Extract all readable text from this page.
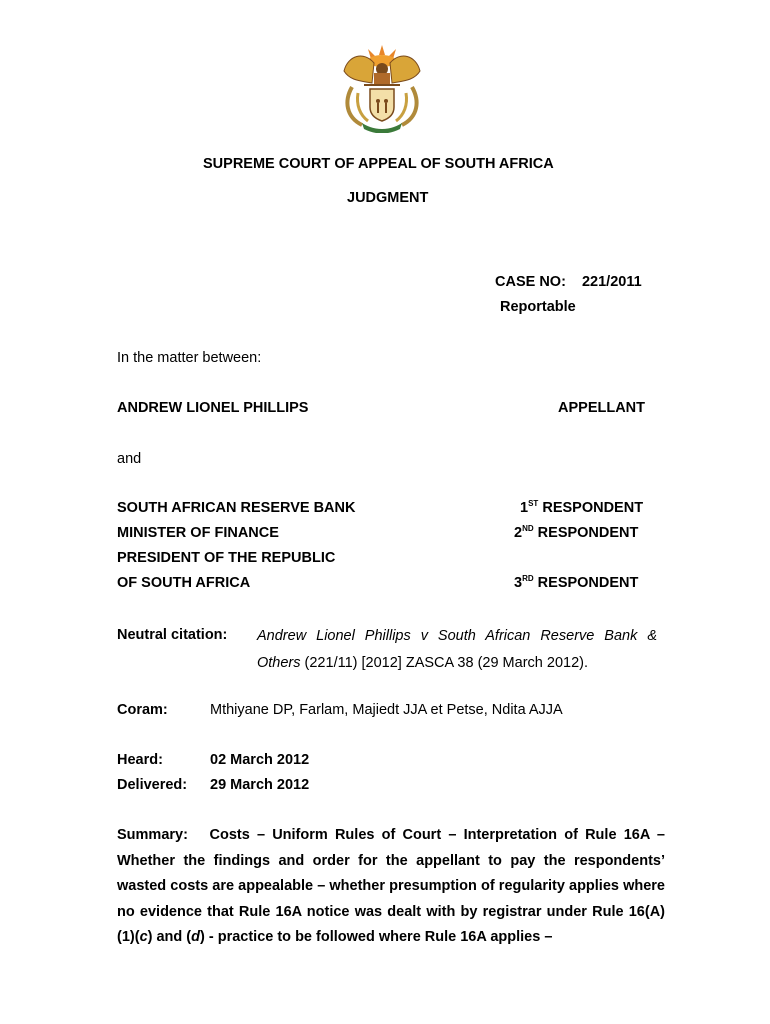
SUPREME COURT OF APPEAL OF SOUTH AFRICA
JUDGMENT
CASE NO: 221/2011
Reportable
In the matter between:
ANDREW LIONEL PHILLIPS	APPELLANT
and
SOUTH AFRICAN RESERVE BANK	1ST RESPONDENT
MINISTER OF FINANCE	2ND RESPONDENT
PRESIDENT OF THE REPUBLIC
OF SOUTH AFRICA	3RD RESPONDENT
Neutral citation: Andrew Lionel Phillips v South African Reserve Bank & Others (221/11) [2012] ZASCA 38 (29 March 2012).
Coram:	Mthiyane DP, Farlam, Majiedt JJA et Petse, Ndita AJJA
Heard:	02 March 2012
Delivered: 29 March 2012
Summary: Costs – Uniform Rules of Court – Interpretation of Rule 16A – Whether the findings and order for the appellant to pay the respondents’ wasted costs are appealable – whether presumption of regularity applies where no evidence that Rule 16A notice was dealt with by registrar under Rule 16(A)(1)(c) and (d) - practice to be followed where Rule 16A applies –
